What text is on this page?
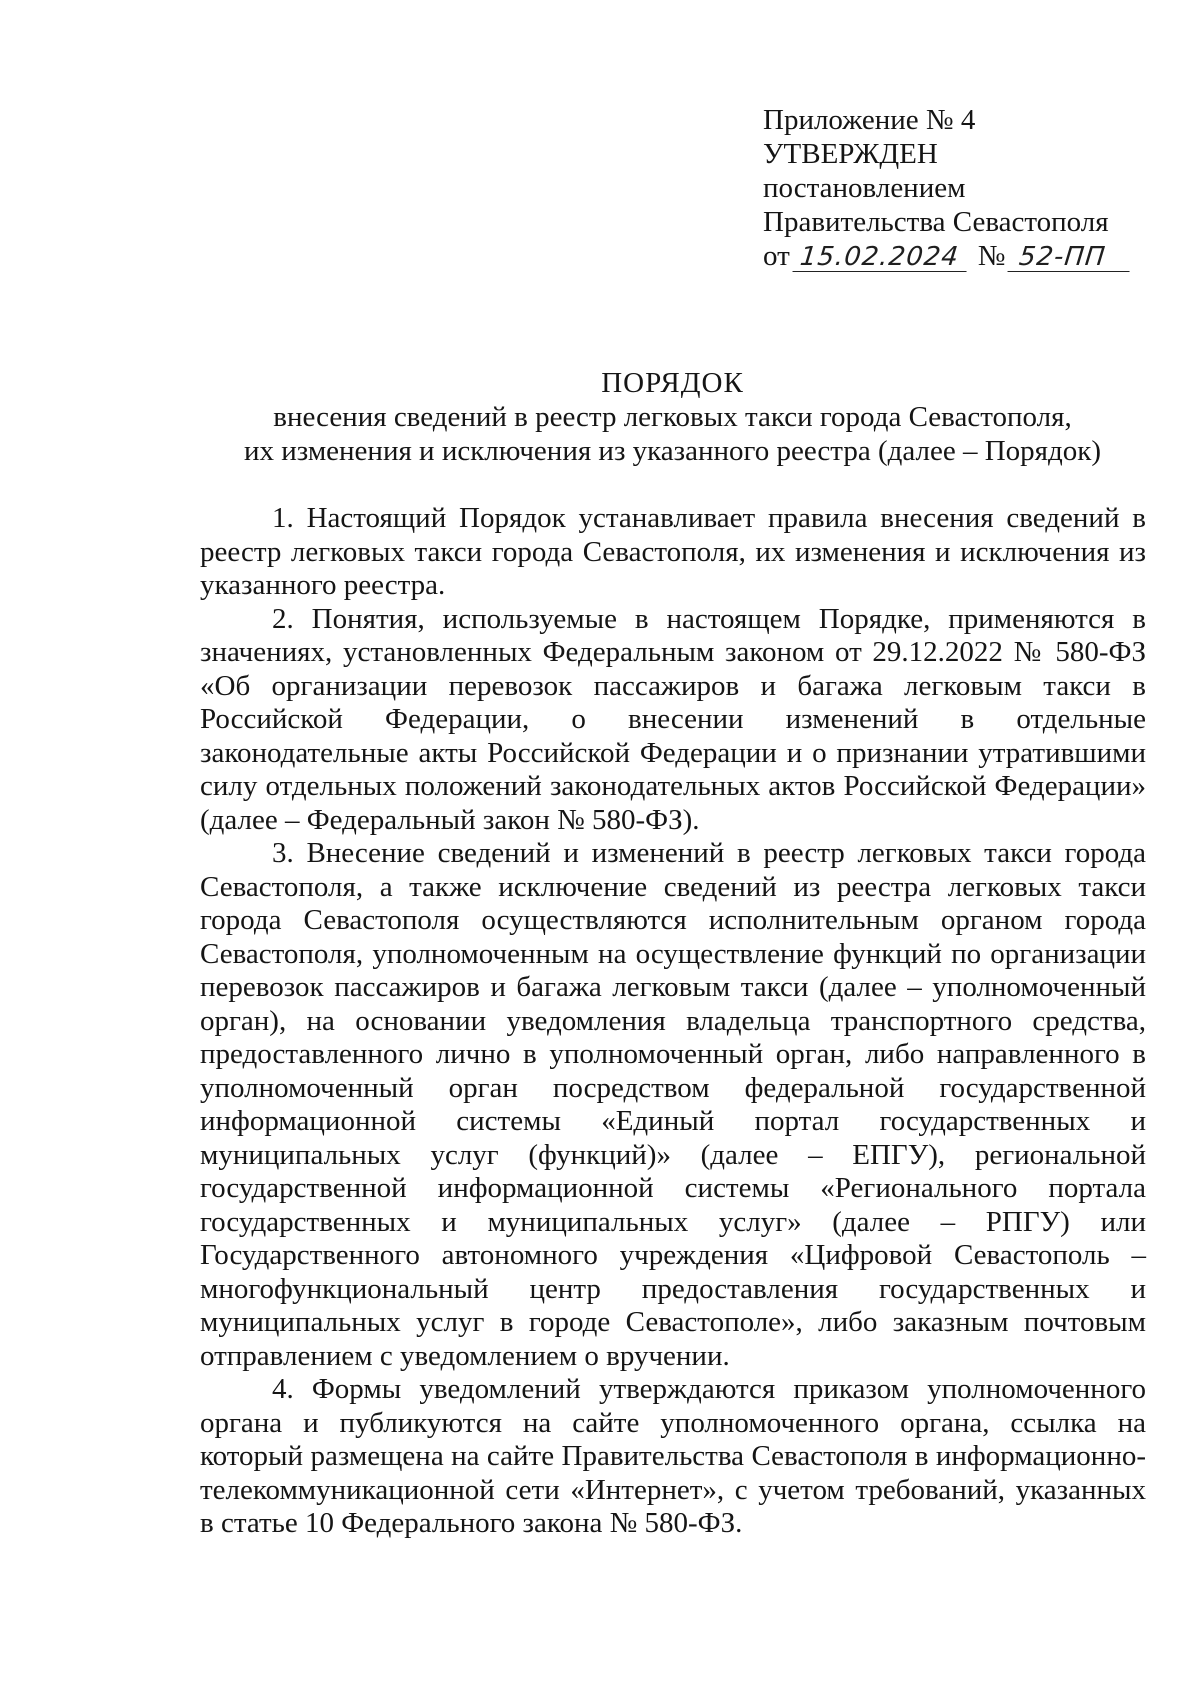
Приложение № 4
УТВЕРЖДЕН
постановлением
Правительства Севастополя
от 15.02.2024 № 52-ПП
ПОРЯДОК
внесения сведений в реестр легковых такси города Севастополя,
их изменения и исключения из указанного реестра (далее – Порядок)

1. Настоящий Порядок устанавливает правила внесения сведений в реестр легковых такси города Севастополя, их изменения и исключения из указанного реестра.

2. Понятия, используемые в настоящем Порядке, применяются в значениях, установленных Федеральным законом от 29.12.2022 № 580-ФЗ «Об организации перевозок пассажиров и багажа легковым такси в Российской Федерации, о внесении изменений в отдельные законодательные акты Российской Федерации и о признании утратившими силу отдельных положений законодательных актов Российской Федерации» (далее – Федеральный закон № 580-ФЗ).

3. Внесение сведений и изменений в реестр легковых такси города Севастополя, а также исключение сведений из реестра легковых такси города Севастополя осуществляются исполнительным органом города Севастополя, уполномоченным на осуществление функций по организации перевозок пассажиров и багажа легковым такси (далее – уполномоченный орган), на основании уведомления владельца транспортного средства, предоставленного лично в уполномоченный орган, либо направленного в уполномоченный орган посредством федеральной государственной информационной системы «Единый портал государственных и муниципальных услуг (функций)» (далее – ЕПГУ), региональной государственной информационной системы «Регионального портала государственных и муниципальных услуг» (далее – РПГУ) или Государственного автономного учреждения «Цифровой Севастополь – многофункциональный центр предоставления государственных и муниципальных услуг в городе Севастополе», либо заказным почтовым отправлением с уведомлением о вручении.

4. Формы уведомлений утверждаются приказом уполномоченного органа и публикуются на сайте уполномоченного органа, ссылка на который размещена на сайте Правительства Севастополя в информационно-телекоммуникационной сети «Интернет», с учетом требований, указанных в статье 10 Федерального закона № 580-ФЗ.
